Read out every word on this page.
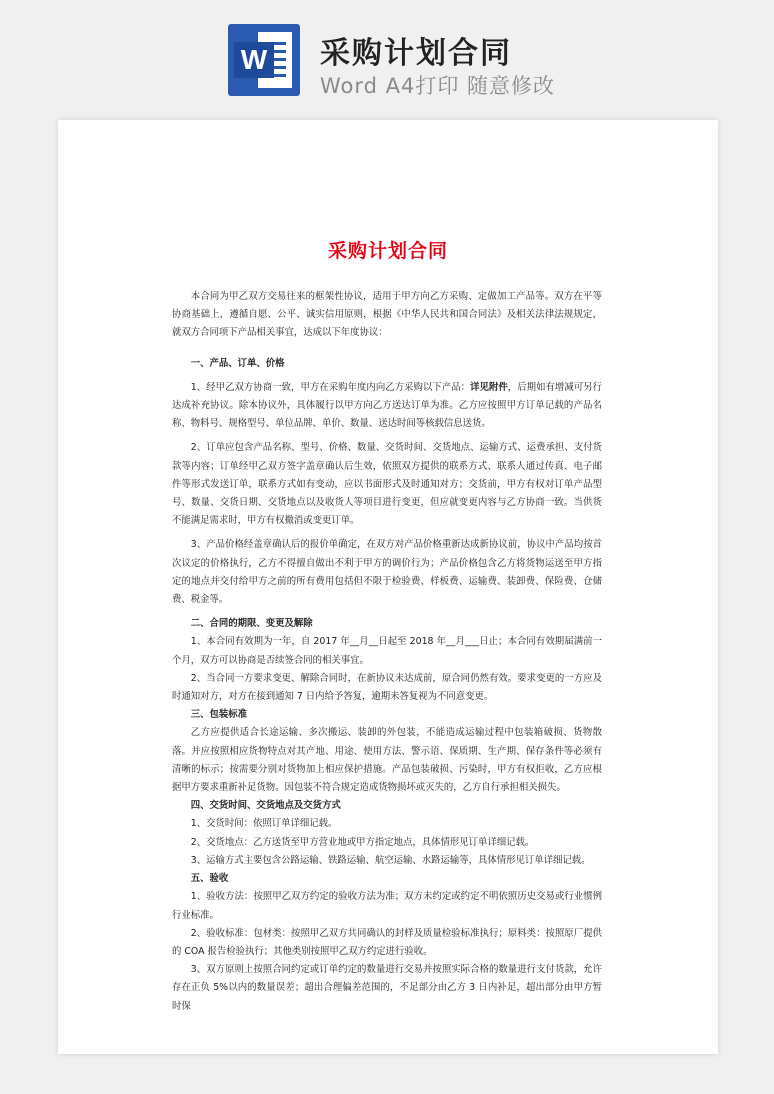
W 采购计划合同
Word A4打印 随意修改
采购计划合同

本合同为甲乙双方交易往来的框架性协议，适用于甲方向乙方采购、定做加工产品等。双方在平等协商基础上，遵循自愿、公平、诚实信用原则，根据《中华人民共和国合同法》及相关法律法规规定，就双方合同项下产品相关事宜，达成以下年度协议：

一、产品、订单、价格

1、经甲乙双方协商一致，甲方在采购年度内向乙方采购以下产品：详见附件，后期如有增减可另行达成补充协议。除本协议外，具体履行以甲方向乙方送达订单为准。乙方应按照甲方订单记载的产品名称、物料号、规格型号、单位品牌、单价、数量、送达时间等核载信息送货。

2、订单应包含产品名称、型号、价格、数量、交货时间、交货地点、运输方式、运费承担、支付货款等内容；订单经甲乙双方签字盖章确认后生效，依照双方提供的联系方式、联系人通过传真、电子邮件等形式发送订单，联系方式如有变动，应以书面形式及时通知对方；交货前，甲方有权对订单产品型号、数量、交货日期、交货地点以及收货人等项目进行变更，但应就变更内容与乙方协商一致。当供货不能满足需求时，甲方有权撤消或变更订单。

3、产品价格经盖章确认后的报价单确定，在双方对产品价格重新达成新协议前，协议中产品均按首次议定的价格执行，乙方不得擅自做出不利于甲方的调价行为；产品价格包含乙方将货物运送至甲方指定的地点并交付给甲方之前的所有费用包括但不限于检验费、样板费、运输费、装卸费、保险费、仓储费、税金等。

二、合同的期限、变更及解除

1、本合同有效期为一年，自 2017 年__月__日起至 2018 年__月___日止；本合同有效期届满前一个月，双方可以协商是否续签合同的相关事宜。

2、当合同一方要求变更、解除合同时，在新协议未达成前，原合同仍然有效。要求变更的一方应及时通知对方，对方在接到通知 7 日内给予答复，逾期未答复视为不同意变更。

三、包装标准

乙方应提供适合长途运输、多次搬运、装卸的外包装，不能造成运输过程中包装箱破损、货物散落。并应按照相应货物特点对其产地、用途、使用方法、警示语、保质期、生产期、保存条件等必须有清晰的标示；按需要分别对货物加上相应保护措施。产品包装破损、污染时，甲方有权拒收，乙方应根据甲方要求重新补足货物。因包装不符合规定造成货物损坏或灭失的，乙方自行承担相关损失。

四、交货时间、交货地点及交货方式

1、交货时间：依照订单详细记载。

2、交货地点：乙方送货至甲方营业地或甲方指定地点，具体情形见订单详细记载。

3、运输方式主要包含公路运输、铁路运输、航空运输、水路运输等，具体情形见订单详细记载。

五、验收

1、验收方法：按照甲乙双方约定的验收方法为准；双方未约定或约定不明依照历史交易或行业惯例行业标准。

2、验收标准：包材类：按照甲乙双方共同确认的封样及质量检验标准执行；原料类：按照原厂提供的 COA 报告检验执行；其他类别按照甲乙双方约定进行验收。

3、双方原则上按照合同约定或订单约定的数量进行交易并按照实际合格的数量进行支付货款，允许存在正负 5%以内的数量误差；超出合理偏差范围的，不足部分由乙方 3 日内补足，超出部分由甲方暂时保
